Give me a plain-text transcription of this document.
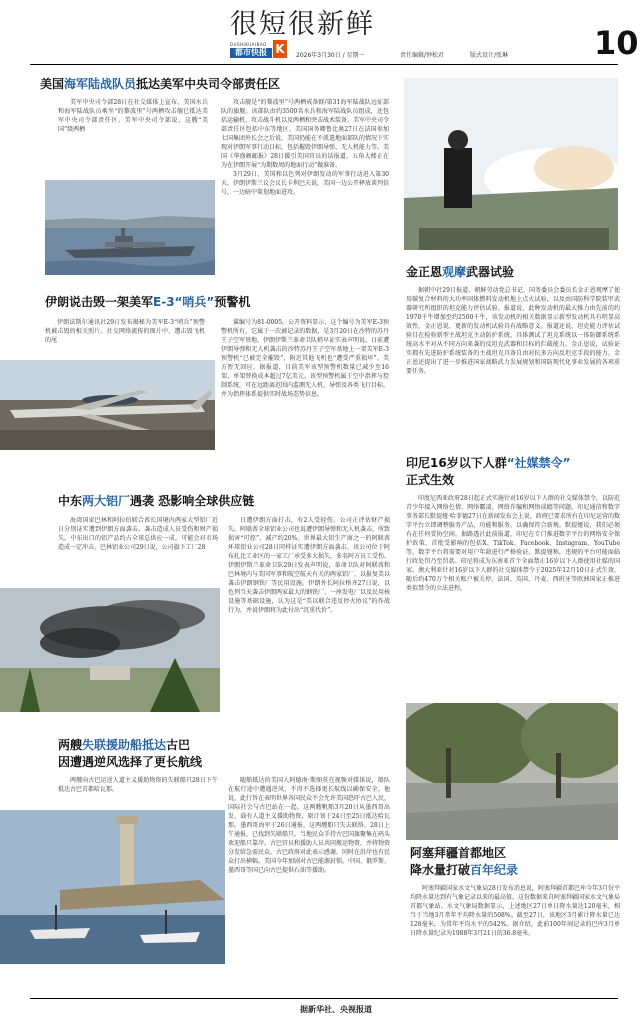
很短很新鲜
DUSHIKUAIBAO
都市快报 K	2026年3月30日 / 星期一	责任编辑/钟松君	版式设计/张琳	10
美国海军陆战队员抵达美军中央司令部责任区
美军中央司令部28日在社交媒体上宣布，美国水兵和海军陆战队员乘坐“的黎波里”号两栖攻击舰已抵达美军中央司令部责任区。美军中央司令部说，这艘“美国”级两栖
攻击舰是“的黎波里”号两栖戒备群/第31海军陆战队远征部队的旗舰。该部队由约3500名水兵和海军陆战队员组成，还包括运输机、攻击战斗机以及两栖和突击战术装备。美军中央司令部责任区包括中东等地区。美国国务卿鲁比奥27日在法国参加七国集团外长会之后说，美国仍能在不派遣地面部队的情况下实现对伊朗军事行动目标，包括摧毁伊朗导弹、无人机能力等。美国《华盛顿邮报》28日援引美国官员的话报道，五角大楼正在为在伊朗开展“为期数周的地面行动”做准备。
3月29日，美国和以色列对伊朗发动的军事行动进入第30天。伊朗伊斯兰议会议长卡利巴夫说，美国一边公开释放谈判信号，一边暗中策划地面进攻。
伊朗说击毁一架美军E-3“哨兵”预警机
伊朗法斯尔通讯社29日发布揭秘为美军E-3“哨兵”预警机被击毁的相关照片。社交网络流传的图片中，遭击毁飞机的尾
翼编号为81-0005。公开资料显示，这个编号为美军E-3预警机所有，它属于一次被记录的数据，是3月20日在沙特的苏丹王子空军基地。伊朗伊斯兰革命卫队稍早证实表声明说，日前遭伊朗导弹和无人机袭击的沙特苏丹王子空军基地上一架美军E-3预警机“已被完全摧毁”，附近其他飞机也“遭受严重损坏”。美方暂无回应。据报道，目前美军该型预警机数量已减少至16架，单架替换成本超过7亿美元。该型预警机属于空中指挥与控制系统，可在远距离范围内监测无人机、导弹及各类飞行目标，并为指挥体系提供实时战场态势信息。
中东两大铝厂遇袭 恐影响全球供应链
海湾国家巴林和阿拉伯联合酋长国境内两家大型铝厂近日分别证实遭到伊朗方面袭击。袭击造成人员受伤和财产损失。中东出口的铝产品约占全球总供应一成，可能会对市场造成一定冲击。巴林铝业公司29日说，公司旗下工厂28
日遭伊朗方面打击，有2人受轻伤。公司正评估财产损失。阿联酋全球铝业公司也说遭伊朗导弹和无人机袭击，所致损害“可控”，减产约20%。世界最大铝生产商之一的阿联酋环球铝业公司28日同样证实遭伊朗方面袭击，该公司位于阿布扎比工业区的一家工厂承受多大损失，多名阿方员工受伤。伊朗伊斯兰革命卫队29日发表声明说，革命卫队对阿联酋和巴林境内与美国军事和航空航天有关的两家铝厂，以报复美以袭击伊朗钢铁厂等民用设施。伊朗外长阿拉格齐27日说，以色列当天袭击伊朗两家最大的钢铁厂、一座发电厂以及民用核设施等基础设施，认为这是“美以联合违反停火协议”的作战行为，并说伊朗将为此付出“沉重代价”。
两艘失联援助船抵达古巴
因遭遇逆风选择了更长航线
两艘向古巴运送人道主义援助物资的失联船只28日下午抵达古巴首都哈瓦那。
随船抵达的美国人阿德南·斯图莫在视频对媒体说，船队在航行途中遭遇逆风，不得不选择更长航线以确保安全。他说，此行旨在表明世界各国民众不会允许美国恐吓古巴人民，国际社会与古巴站在一起。这两艘帆船3月20日从墨西哥出发，载有人道主义援助物资，原计划于24日至25日抵达哈瓦那。墨西哥海军于26日通报，这两艘船只失去联络，28日上午通报，已找到失联船只。当地民众手持古巴国旗聚集在码头欢迎船只靠岸。古巴官员和援助人员共同搬运物资，并将物资分发给急需民众。古巴政府对此表示感谢。同时在沿岸也有民众打出横幅。美国今年加剧对古巴能源封锁。中国、俄罗斯、墨西哥等国已向古巴提供石油等援助。
金正恩观摩武器试验
据朝中社29日报道，朝鲜劳动党总书记、国务委员会委员长金正恩观摩了使用碳复合材料的大功率固体燃料发动机地上点火试验，以及由国防科学院装甲武器研究所组织的坦克能力评估试验。报道说，此种发动机的最大推力由先前的约1970千牛增加至约2500千牛，该发动机的相关数据显示新型发动机具有明显高效性。金正恩说，更新的发动机试验具有战略意义。报道还说，坦克能力评估试验目在检验新型主战坦克主动防护系统、具体测试了坦克系统以一体防御系统系统高水平对从不同方向来袭的反坦克武器和目标的拦截能力。金正恩说，试验证实拥有先进防护系统装备的主战坦克具备自由对抗多方向反坦克手段的能力。金正恩还提出了进一步推进国家战略武力发展规划和国防现代化事业发展的各项重要任务。
印尼16岁以下人群“社媒禁令”
正式生效
印度尼西亚政府28日起正式实施针对16岁以下人群的社交媒体禁令，以防范青少年接入网络色情、网络霸凌、网络诈骗和网络成瘾等问题。印尼通信和数字事务部长默提娅·哈菲德27日在新闻发布会上说，政府已要求所有在印尼运营的数字平台立即调整服务产品、功能和服务，以确保符合新规。默提娅说，我们必须有在任何妥协空间。据路透社此前报道，印尼在专门推进数字平台的网络安全保护政策。首批受影响的包括X、TikTok、Facebook、Instagram、YouTube等。数字平台将需要对用户年龄进行严格验证。默提娅称，违规的平台可能面临行政处罚乃至罚款。印尼将成为东南亚首个全面禁止16岁以下人群使用社媒的国家。澳大利亚针对16岁以下人群的社交媒体禁令于2025年12月10日正式生效，随后约470万个相关账户被关停。法国、英国、丹麦、西班牙等欧洲国家正推进类似禁令的立法进程。
阿塞拜疆首都地区
降水量打破百年纪录
阿塞拜疆国家水文气象局28日发布消息说，阿塞拜疆首都巴库今年3月份平均降水量达到有气象记录以来的最高值。这份数据来自阿塞拜疆国家水文气象局首都气象站。水文气象局数据显示，上述地区27日单日降水量达120毫米，相当于当地3月常年平均降水量的508%。截至27日，该地区3月累计降水量已达128毫米，为常年平均水平的542%。据介绍，此前100年间记录的巴库3月单日降水量纪录为1988年3月21日的36.8毫米。
据新华社、央视报道
